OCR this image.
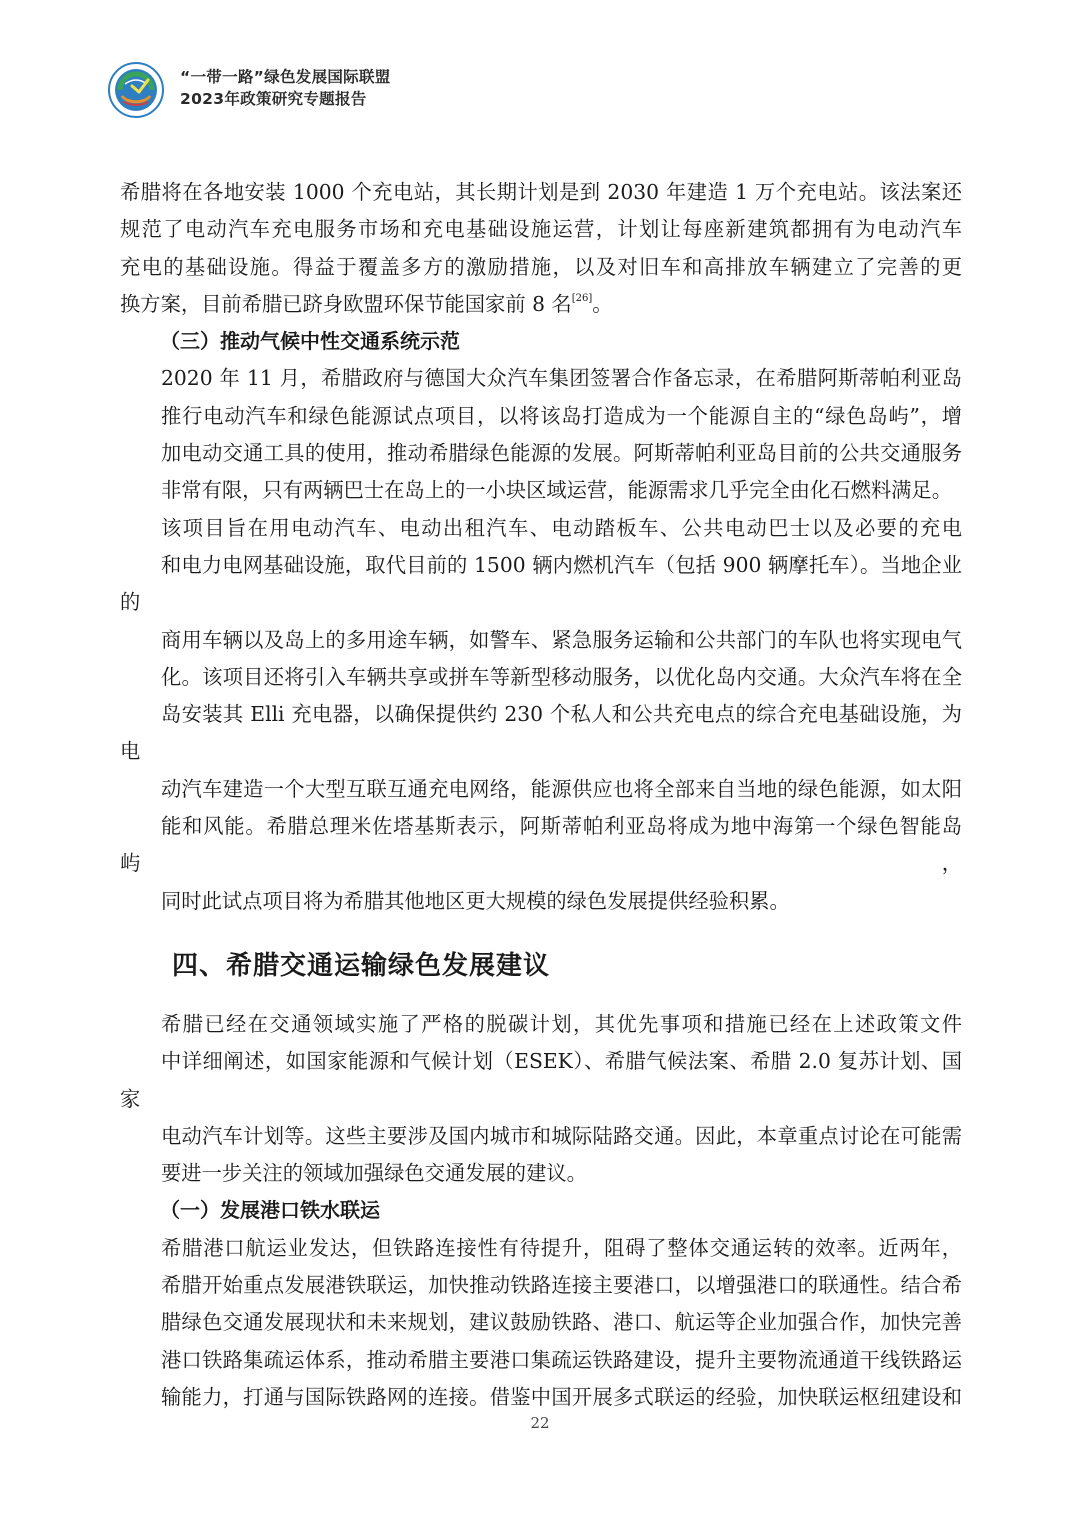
“一带一路”绿色发展国际联盟
2023年政策研究专题报告

希腊将在各地安装 1000 个充电站，其长期计划是到 2030 年建造 1 万个充电站。该法案还
规范了电动汽车充电服务市场和充电基础设施运营，计划让每座新建筑都拥有为电动汽车
充电的基础设施。得益于覆盖多方的激励措施，以及对旧车和高排放车辆建立了完善的更
换方案，目前希腊已跻身欧盟环保节能国家前 8 名[26]。

（三）推动气候中性交通系统示范

2020 年 11 月，希腊政府与德国大众汽车集团签署合作备忘录，在希腊阿斯蒂帕利亚岛
推行电动汽车和绿色能源试点项目，以将该岛打造成为一个能源自主的“绿色岛屿”，增
加电动交通工具的使用，推动希腊绿色能源的发展。阿斯蒂帕利亚岛目前的公共交通服务
非常有限，只有两辆巴士在岛上的一小块区域运营，能源需求几乎完全由化石燃料满足。

该项目旨在用电动汽车、电动出租汽车、电动踏板车、公共电动巴士以及必要的充电
和电力电网基础设施，取代目前的 1500 辆内燃机汽车（包括 900 辆摩托车）。当地企业的
商用车辆以及岛上的多用途车辆，如警车、紧急服务运输和公共部门的车队也将实现电气
化。该项目还将引入车辆共享或拼车等新型移动服务，以优化岛内交通。大众汽车将在全
岛安装其 Elli 充电器，以确保提供约 230 个私人和公共充电点的综合充电基础设施，为电
动汽车建造一个大型互联互通充电网络，能源供应也将全部来自当地的绿色能源，如太阳
能和风能。希腊总理米佐塔基斯表示，阿斯蒂帕利亚岛将成为地中海第一个绿色智能岛屿，
同时此试点项目将为希腊其他地区更大规模的绿色发展提供经验积累。

四、希腊交通运输绿色发展建议

希腊已经在交通领域实施了严格的脱碳计划，其优先事项和措施已经在上述政策文件
中详细阐述，如国家能源和气候计划（ESEK）、希腊气候法案、希腊 2.0 复苏计划、国家
电动汽车计划等。这些主要涉及国内城市和城际陆路交通。因此，本章重点讨论在可能需
要进一步关注的领域加强绿色交通发展的建议。

（一）发展港口铁水联运

希腊港口航运业发达，但铁路连接性有待提升，阻碍了整体交通运转的效率。近两年，
希腊开始重点发展港铁联运，加快推动铁路连接主要港口，以增强港口的联通性。结合希
腊绿色交通发展现状和未来规划，建议鼓励铁路、港口、航运等企业加强合作，加快完善
港口铁路集疏运体系，推动希腊主要港口集疏运铁路建设，提升主要物流通道干线铁路运
输能力，打通与国际铁路网的连接。借鉴中国开展多式联运的经验，加快联运枢纽建设和

22
